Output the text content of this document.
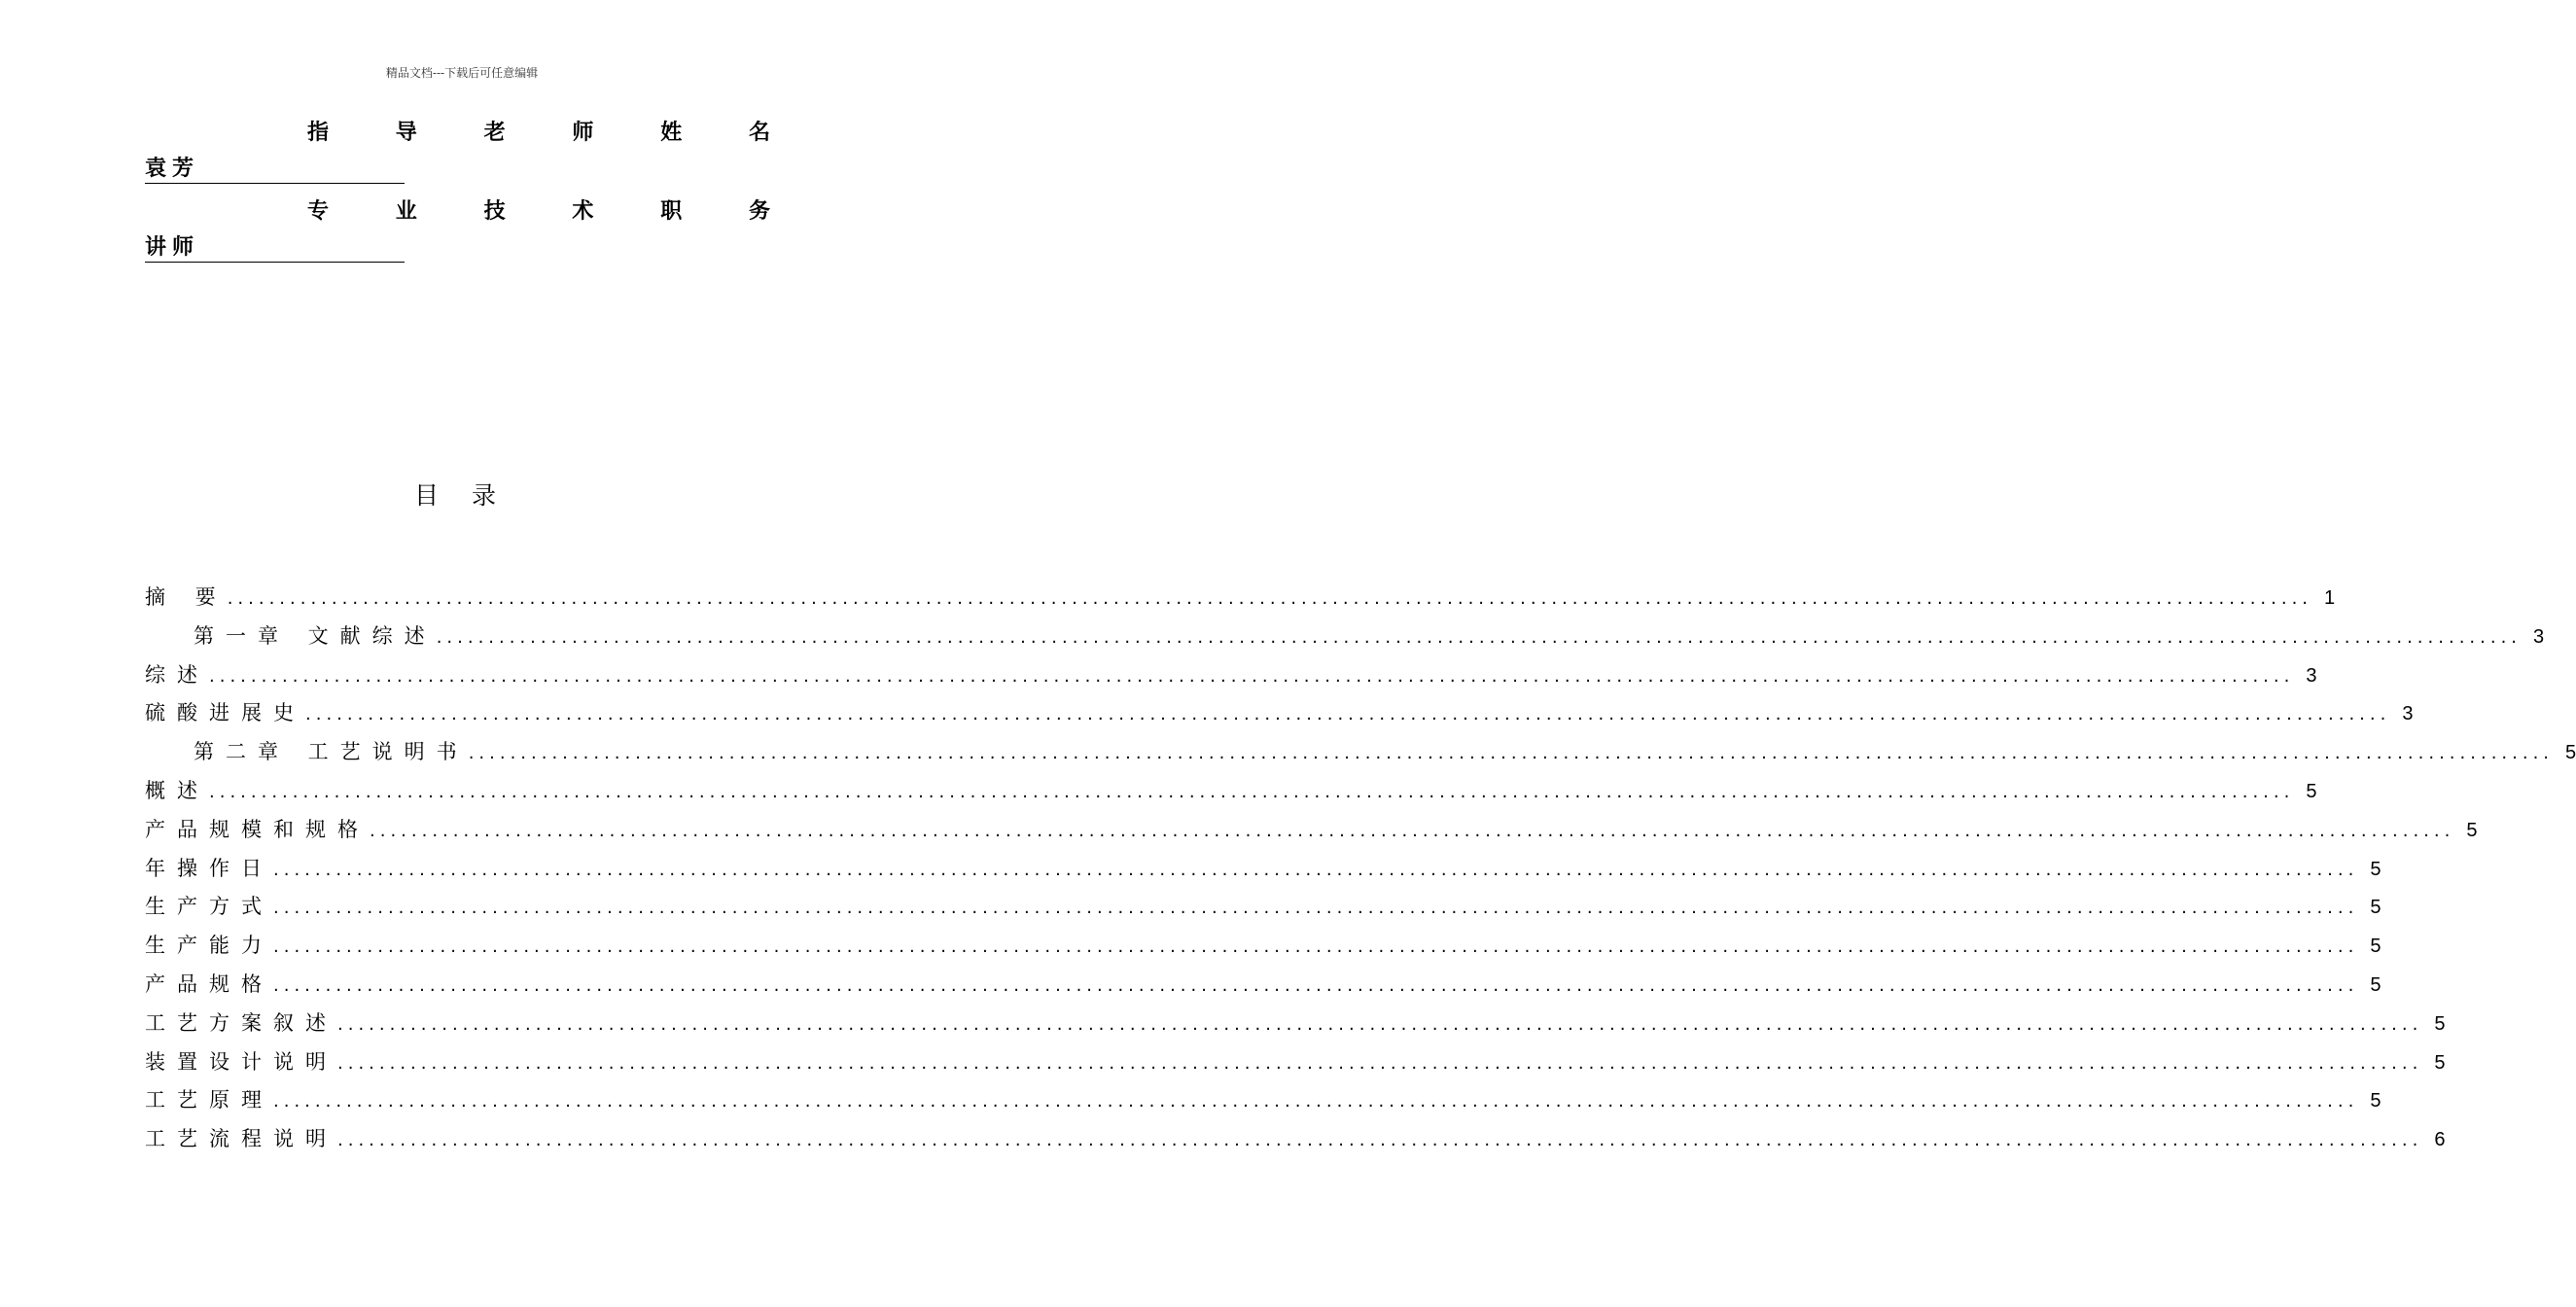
精品文档---下载后可任意编辑
指	导	老	师	姓	名
袁芳
专	业	技	术	职	务
讲师
目录
摘 要 ........................................................................................................................................................................................................ 1
第一章 文献综述 ........................................................................................................................................................................................................ 3
综述 ........................................................................................................................................................................................................ 3
硫酸进展史 ........................................................................................................................................................................................................ 3
第二章 工艺说明书 ........................................................................................................................................................................................................ 5
概述 ........................................................................................................................................................................................................ 5
产品规模和规格 ........................................................................................................................................................................................................ 5
年操作日 ........................................................................................................................................................................................................ 5
生产方式 ........................................................................................................................................................................................................ 5
生产能力 ........................................................................................................................................................................................................ 5
产品规格 ........................................................................................................................................................................................................ 5
工艺方案叙述 ........................................................................................................................................................................................................ 5
装置设计说明 ........................................................................................................................................................................................................ 5
工艺原理 ........................................................................................................................................................................................................ 5
工艺流程说明 ........................................................................................................................................................................................................ 6
